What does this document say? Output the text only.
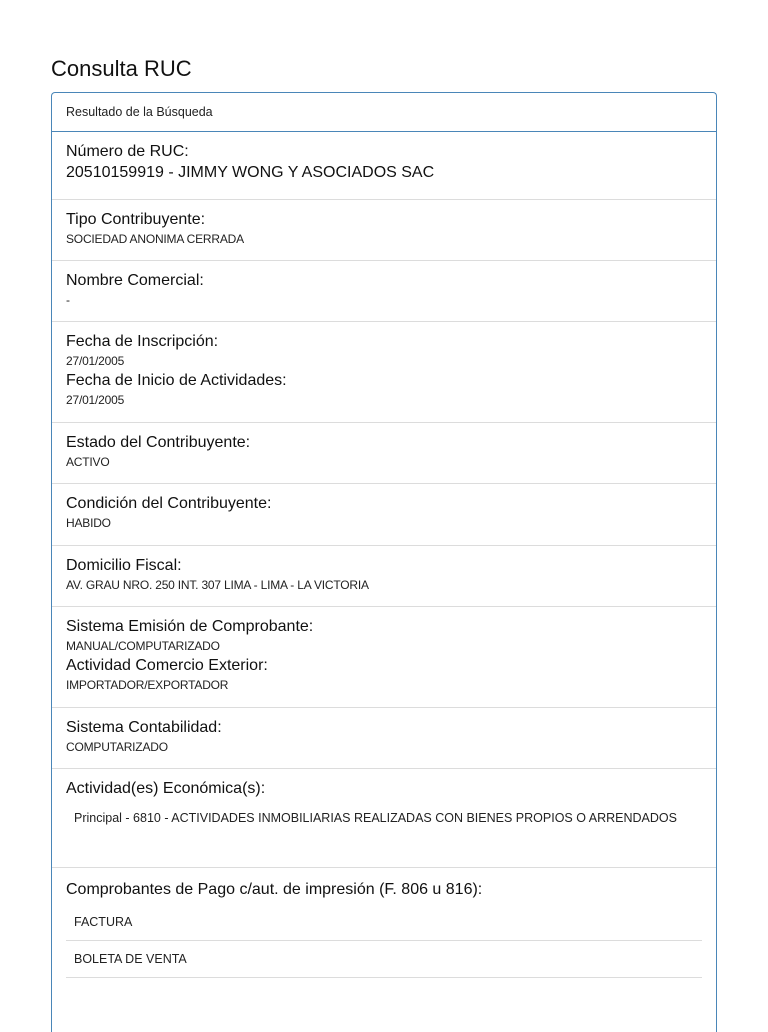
Consulta RUC
Resultado de la Búsqueda
Número de RUC:
20510159919 - JIMMY WONG Y ASOCIADOS SAC
Tipo Contribuyente:
SOCIEDAD ANONIMA CERRADA
Nombre Comercial:
-
Fecha de Inscripción:
27/01/2005
Fecha de Inicio de Actividades:
27/01/2005
Estado del Contribuyente:
ACTIVO
Condición del Contribuyente:
HABIDO
Domicilio Fiscal:
AV. GRAU NRO. 250 INT. 307 LIMA - LIMA - LA VICTORIA
Sistema Emisión de Comprobante:
MANUAL/COMPUTARIZADO
Actividad Comercio Exterior:
IMPORTADOR/EXPORTADOR
Sistema Contabilidad:
COMPUTARIZADO
Actividad(es) Económica(s):
Principal - 6810 - ACTIVIDADES INMOBILIARIAS REALIZADAS CON BIENES PROPIOS O ARRENDADOS
Comprobantes de Pago c/aut. de impresión (F. 806 u 816):
FACTURA
BOLETA DE VENTA
